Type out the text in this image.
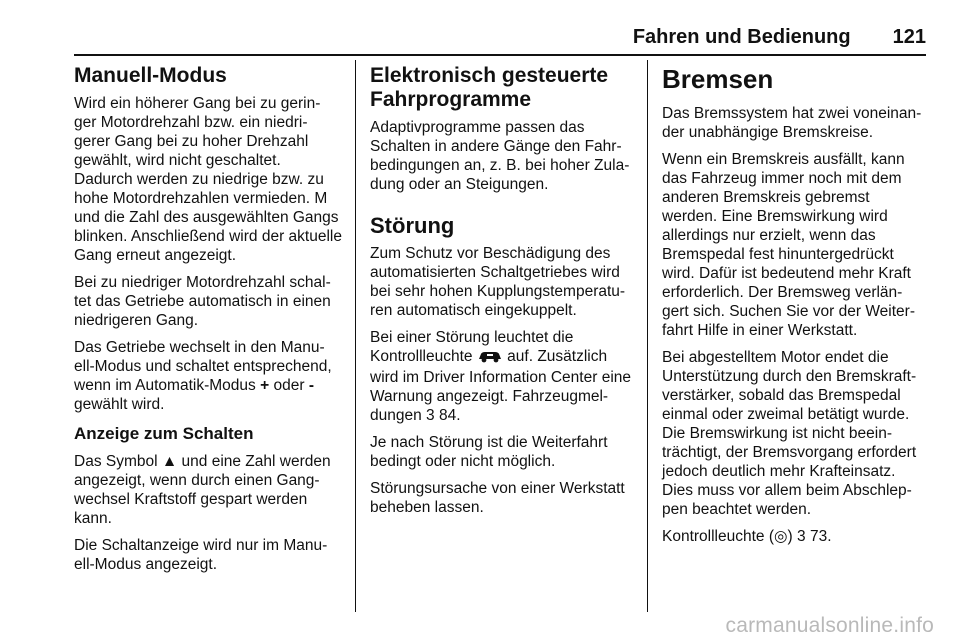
Fahren und Bedienung 121
Manuell-Modus

Wird ein höherer Gang bei zu gerin-ger Motordrehzahl bzw. ein niedri-gerer Gang bei zu hoher Drehzahl gewählt, wird nicht geschaltet. Dadurch werden zu niedrige bzw. zu hohe Motordrehzahlen vermieden. M und die Zahl des ausgewählten Gangs blinken. Anschließend wird der aktuelle Gang erneut angezeigt.

Bei zu niedriger Motordrehzahl schal-tet das Getriebe automatisch in einen niedrigeren Gang.

Das Getriebe wechselt in den Manu-ell-Modus und schaltet entsprechend, wenn im Automatik-Modus + oder - gewählt wird.

Anzeige zum Schalten

Das Symbol ▲ und eine Zahl werden angezeigt, wenn durch einen Gang-wechsel Kraftstoff gespart werden kann.

Die Schaltanzeige wird nur im Manu-ell-Modus angezeigt.

Elektronisch gesteuerte Fahrprogramme

Adaptivprogramme passen das Schalten in andere Gänge den Fahr-bedingungen an, z. B. bei hoher Zula-dung oder an Steigungen.

Störung

Zum Schutz vor Beschädigung des automatisierten Schaltgetriebes wird bei sehr hohen Kupplungstemperatu-ren automatisch eingekuppelt.

Bei einer Störung leuchtet die Kontrollleuchte auf. Zusätzlich wird im Driver Information Center eine Warnung angezeigt. Fahrzeugmel-dungen 3 84.

Je nach Störung ist die Weiterfahrt bedingt oder nicht möglich.

Störungsursache von einer Werkstatt beheben lassen.

Bremsen

Das Bremssystem hat zwei voneinan-der unabhängige Bremskreise.

Wenn ein Bremskreis ausfällt, kann das Fahrzeug immer noch mit dem anderen Bremskreis gebremst werden. Eine Bremswirkung wird allerdings nur erzielt, wenn das Bremspedal fest hinuntergedrückt wird. Dafür ist bedeutend mehr Kraft erforderlich. Der Bremsweg verlän-gert sich. Suchen Sie vor der Weiter-fahrt Hilfe in einer Werkstatt.

Bei abgestelltem Motor endet die Unterstützung durch den Bremskraft-verstärker, sobald das Bremspedal einmal oder zweimal betätigt wurde. Die Bremswirkung ist nicht beein-trächtigt, der Bremsvorgang erfordert jedoch deutlich mehr Krafteinsatz. Dies muss vor allem beim Abschlep-pen beachtet werden.

Kontrollleuchte (◎) 3 73.

carmanualsonline.info
